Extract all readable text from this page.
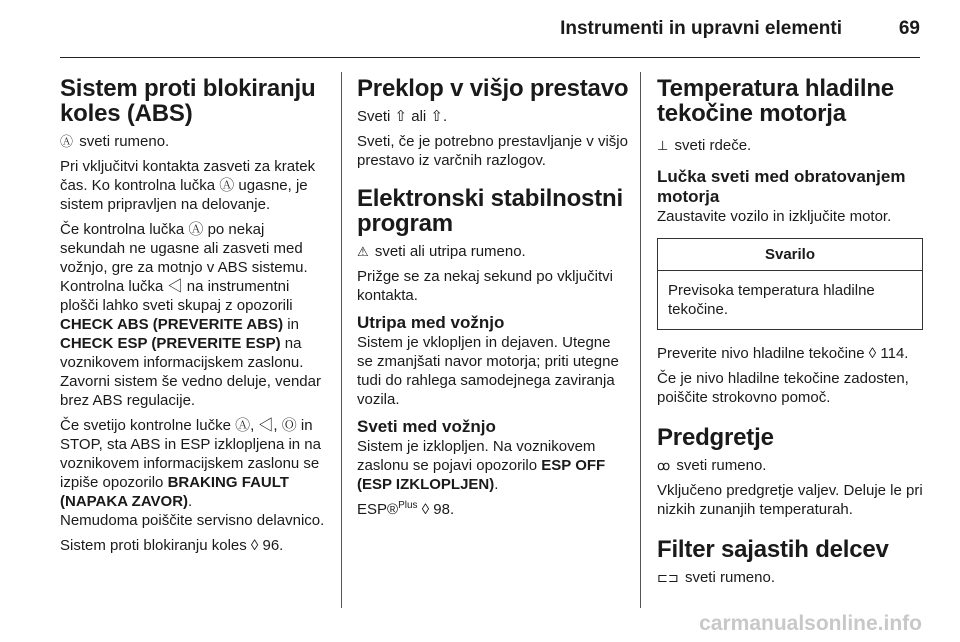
Instrumenti in upravni elementi	69
Sistem proti blokiranju koles (ABS)

Ⓐ sveti rumeno.

Pri vključitvi kontakta zasveti za kratek čas. Ko kontrolna lučka Ⓐ ugasne, je sistem pripravljen na delovanje.

Če kontrolna lučka Ⓐ po nekaj sekundah ne ugasne ali zasveti med vožnjo, gre za motnjo v ABS sistemu. Kontrolna lučka ◁ na instrumentni plošči lahko sveti skupaj z opozorili CHECK ABS (PREVERITE ABS) in CHECK ESP (PREVERITE ESP) na voznikovem informacijskem zaslonu. Zavorni sistem še vedno deluje, vendar brez ABS regulacije.

Če svetijo kontrolne lučke Ⓐ, ◁, Ⓞ in STOP, sta ABS in ESP izklopljena in na voznikovem informacijskem zaslonu se izpiše opozorilo BRAKING FAULT (NAPAKA ZAVOR).
Nemudoma poiščite servisno delavnico.

Sistem proti blokiranju koles ◊ 96.

Preklop v višjo prestavo

Sveti ⇧ ali ⇧.

Sveti, če je potrebno prestavljanje v višjo prestavo iz varčnih razlogov.

Elektronski stabilnostni program

⚠ sveti ali utripa rumeno.

Prižge se za nekaj sekund po vključitvi kontakta.

Utripa med vožnjo

Sistem je vklopljen in dejaven. Utegne se zmanjšati navor motorja; priti utegne tudi do rahlega samodejnega zaviranja vozila.

Sveti med vožnjo

Sistem je izklopljen. Na voznikovem zaslonu se pojavi opozorilo ESP OFF (ESP IZKLOPLJEN).

ESP®$^{Plus}$ ◊ 98.

Temperatura hladilne tekočine motorja

⊥ sveti rdeče.

Lučka sveti med obratovanjem motorja

Zaustavite vozilo in izključite motor.

Svarilo
Previsoka temperatura hladilne tekočine.

Preverite nivo hladilne tekočine ◊ 114.

Če je nivo hladilne tekočine zadosten, poiščite strokovno pomoč.

Predgretje

ꝏ sveti rumeno.

Vključeno predgretje valjev. Deluje le pri nizkih zunanjih temperaturah.

Filter sajastih delcev

⊏⊐ sveti rumeno.

carmanualsonline.info
